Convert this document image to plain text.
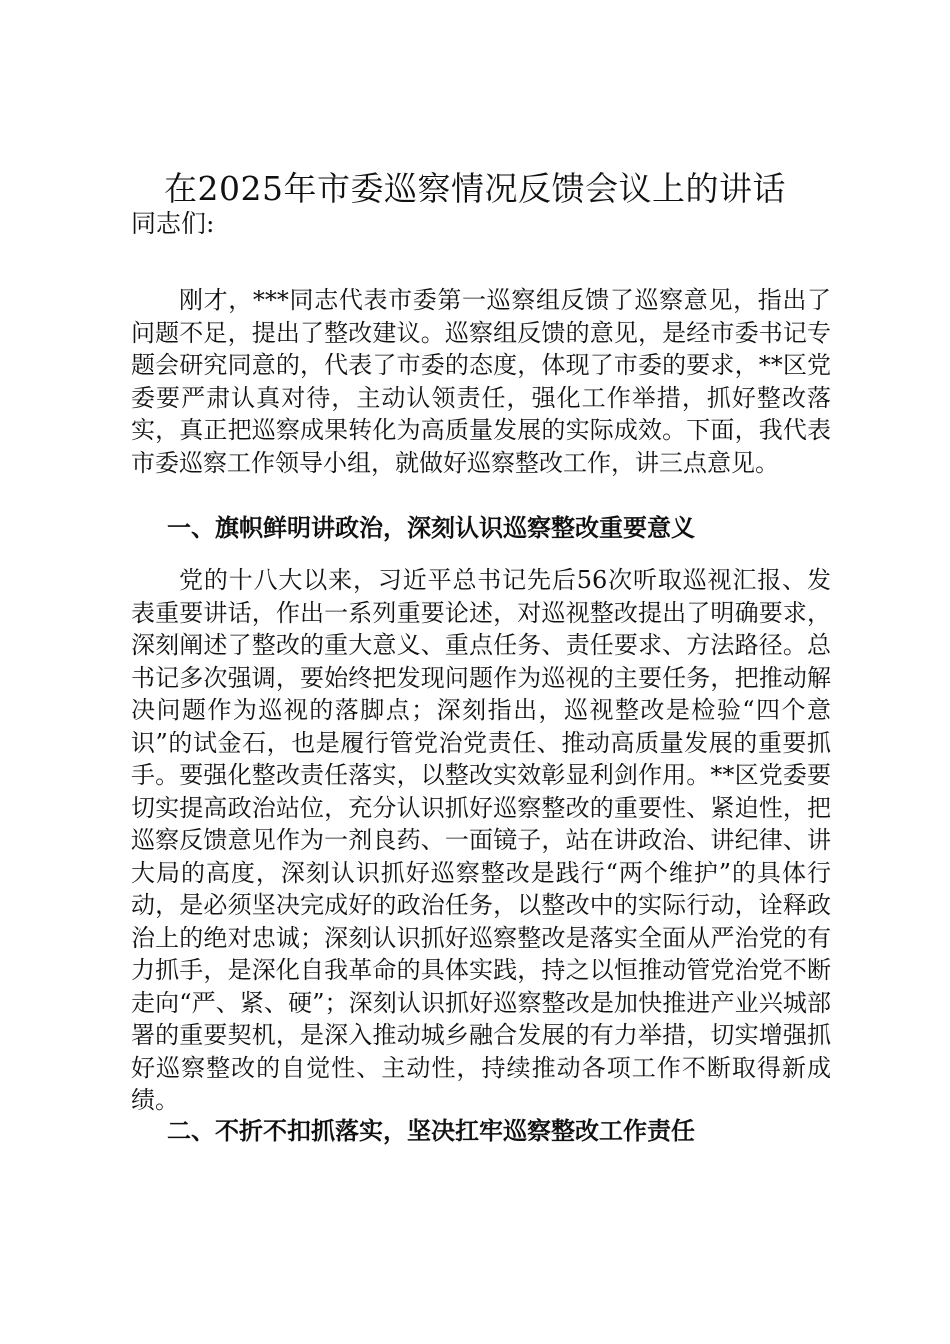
在2025年市委巡察情况反馈会议上的讲话
同志们:

刚才，***同志代表市委第一巡察组反馈了巡察意见，指出了问题不足，提出了整改建议。巡察组反馈的意见，是经市委书记专题会研究同意的，代表了市委的态度，体现了市委的要求，**区党委要严肃认真对待，主动认领责任，强化工作举措，抓好整改落实，真正把巡察成果转化为高质量发展的实际成效。下面，我代表市委巡察工作领导小组，就做好巡察整改工作，讲三点意见。

一、旗帜鲜明讲政治，深刻认识巡察整改重要意义

党的十八大以来，习近平总书记先后56次听取巡视汇报、发表重要讲话，作出一系列重要论述，对巡视整改提出了明确要求，深刻阐述了整改的重大意义、重点任务、责任要求、方法路径。总书记多次强调，要始终把发现问题作为巡视的主要任务，把推动解决问题作为巡视的落脚点；深刻指出，巡视整改是检验“四个意识”的试金石，也是履行管党治党责任、推动高质量发展的重要抓手。要强化整改责任落实，以整改实效彰显利剑作用。**区党委要切实提高政治站位，充分认识抓好巡察整改的重要性、紧迫性，把巡察反馈意见作为一剂良药、一面镜子，站在讲政治、讲纪律、讲大局的高度，深刻认识抓好巡察整改是践行“两个维护”的具体行动，是必须坚决完成好的政治任务，以整改中的实际行动，诠释政治上的绝对忠诚；深刻认识抓好巡察整改是落实全面从严治党的有力抓手，是深化自我革命的具体实践，持之以恒推动管党治党不断走向“严、紧、硬”；深刻认识抓好巡察整改是加快推进产业兴城部署的重要契机，是深入推动城乡融合发展的有力举措，切实增强抓好巡察整改的自觉性、主动性，持续推动各项工作不断取得新成绩。

二、不折不扣抓落实，坚决扛牢巡察整改工作责任
